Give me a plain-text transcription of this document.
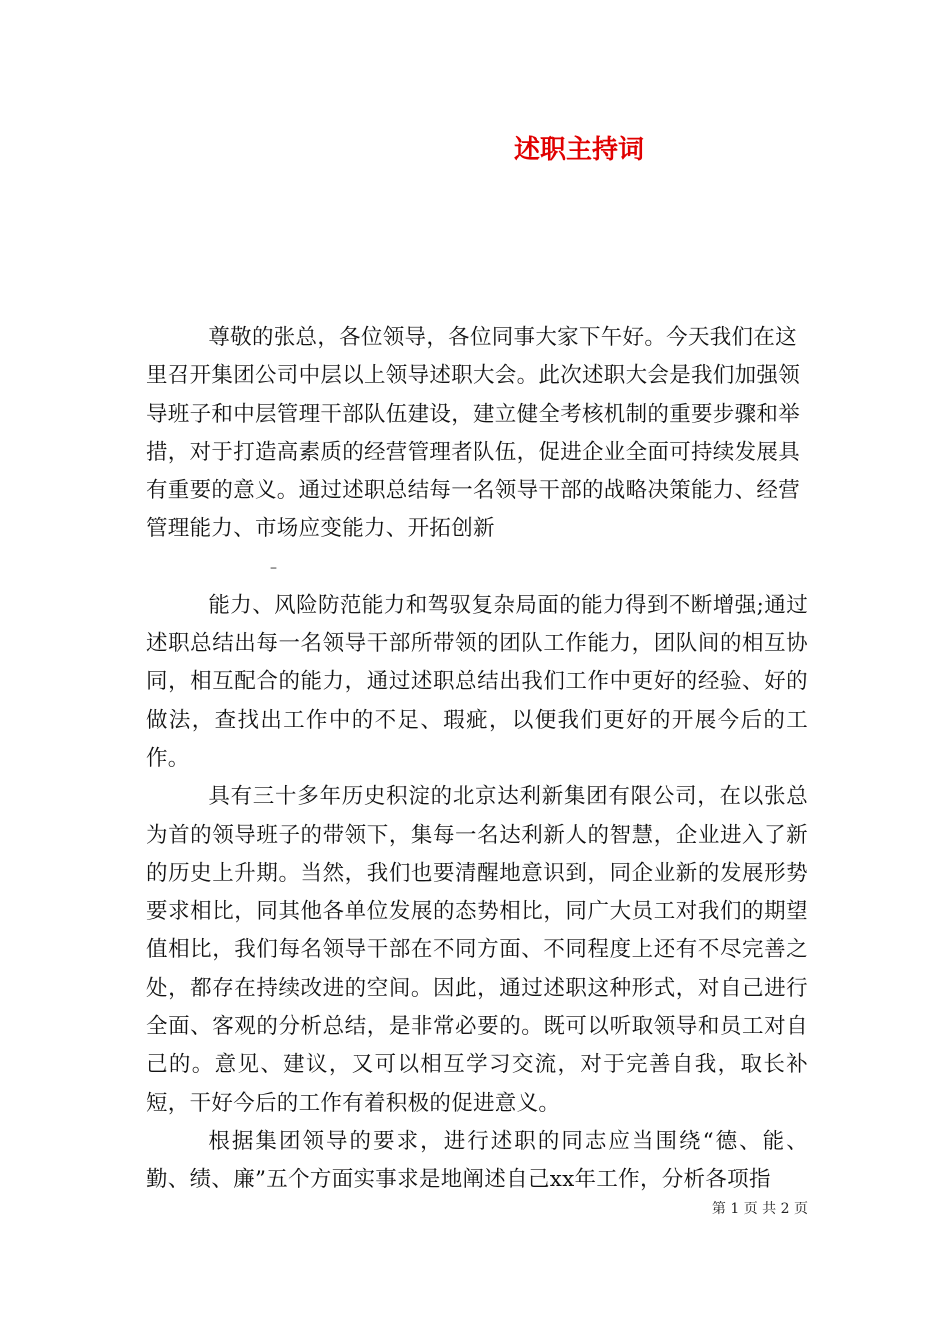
述职主持词

尊敬的张总，各位领导，各位同事大家下午好。今天我们在这里召开集团公司中层以上领导述职大会。此次述职大会是我们加强领导班子和中层管理干部队伍建设，建立健全考核机制的重要步骤和举措，对于打造高素质的经营管理者队伍，促进企业全面可持续发展具有重要的意义。通过述职总结每一名领导干部的战略决策能力、经营管理能力、市场应变能力、开拓创新

–

能力、风险防范能力和驾驭复杂局面的能力得到不断增强;通过述职总结出每一名领导干部所带领的团队工作能力，团队间的相互协同，相互配合的能力，通过述职总结出我们工作中更好的经验、好的做法，查找出工作中的不足、瑕疵，以便我们更好的开展今后的工作。

具有三十多年历史积淀的北京达利新集团有限公司，在以张总为首的领导班子的带领下，集每一名达利新人的智慧，企业进入了新的历史上升期。当然，我们也要清醒地意识到，同企业新的发展形势要求相比，同其他各单位发展的态势相比，同广大员工对我们的期望值相比，我们每名领导干部在不同方面、不同程度上还有不尽完善之处，都存在持续改进的空间。因此，通过述职这种形式，对自己进行全面、客观的分析总结，是非常必要的。既可以听取领导和员工对自己的。意见、建议，又可以相互学习交流，对于完善自我，取长补短，干好今后的工作有着积极的促进意义。

根据集团领导的要求，进行述职的同志应当围绕“德、能、勤、绩、廉”五个方面实事求是地阐述自己xx年工作，分析各项指

第 1 页 共 2 页
